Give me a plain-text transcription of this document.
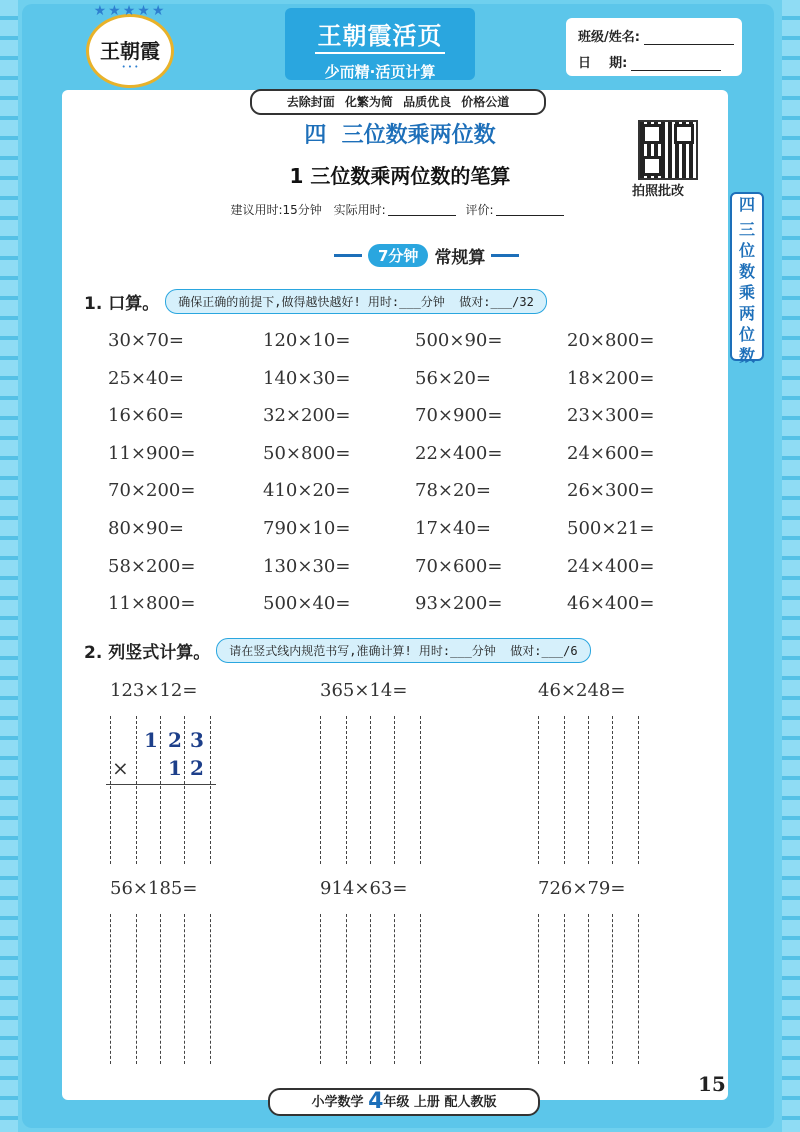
★★★★★
王朝霞
• • •
王朝霞活页
少而精·活页计算
班级/姓名:
日    期:
去除封面 化繁为简 品质优良 价格公道
四  三位数乘两位数
1 三位数乘两位数的笔算
建议用时:15分钟 实际用时:	评价:
拍照批改
四
三
位
数
乘
两
位
数
7分钟 常规算
1. 口算。	确保正确的前提下,做得越快越好! 用时:___分钟  做对:___/32
30×70=	120×10=	500×90=	20×800=
25×40=	140×30=	56×20=	18×200=
16×60=	32×200=	70×900=	23×300=
11×900=	50×800=	22×400=	24×600=
70×200=	410×20=	78×20=	26×300=
80×90=	790×10=	17×40=	500×21=
58×200=	130×30=	70×600=	24×400=
11×800=	500×40=	93×200=	46×400=
2. 列竖式计算。	请在竖式线内规范书写,准确计算! 用时:___分钟  做对:___/6
123×12=	365×14=	46×248=
56×185=	914×63=	726×79=
1 2 3
1 2
×
小学数学 4年级 上册 配人教版
15
